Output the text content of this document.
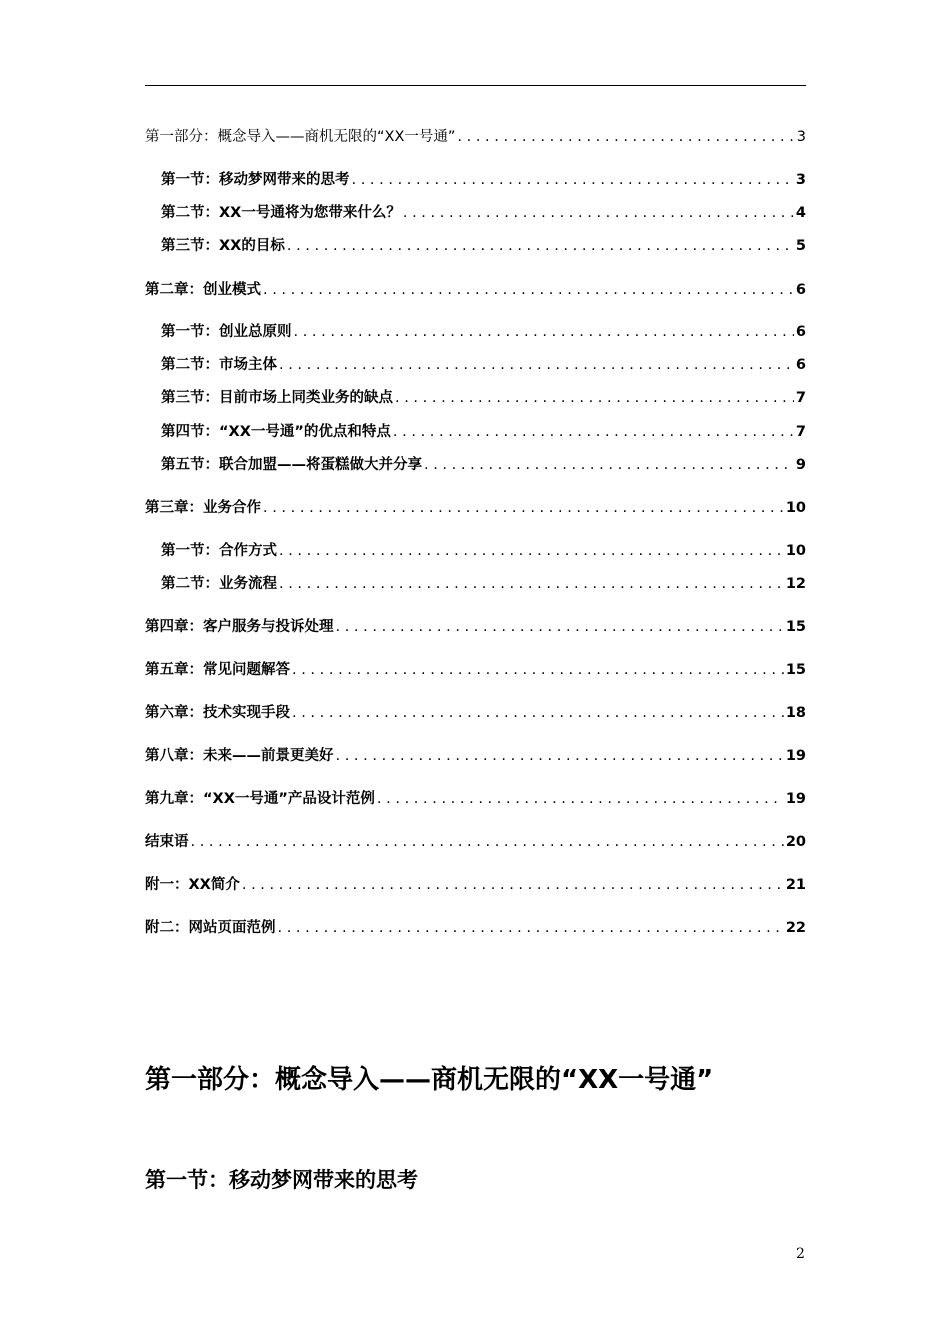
第一部分：概念导入——商机无限的“XX一号通” . . .	3
第一节：移动梦网带来的思考 . . .	3
第二节：XX一号通将为您带来什么？ . . .	4
第三节：XX的目标 . . .	5
第二章：创业模式 . . .	6
第一节：创业总原则 . . .	6
第二节：市场主体 . . .	6
第三节：目前市场上同类业务的缺点 . . .	7
第四节：“XX一号通”的优点和特点 . . .	7
第五节：联合加盟——将蛋糕做大并分享 . . .	9
第三章：业务合作 . . .	10
第一节：合作方式 . . .	10
第二节：业务流程 . . .	12
第四章：客户服务与投诉处理 . . .	15
第五章：常见问题解答 . . .	15
第六章：技术实现手段 . . .	18
第八章：未来——前景更美好 . . .	19
第九章：“XX一号通”产品设计范例 . . .	19
结束语 . . .	20
附一：XX简介 . . .	21
附二：网站页面范例 . . .	22
第一部分：概念导入——商机无限的“XX一号通”
第一节：移动梦网带来的思考
2
